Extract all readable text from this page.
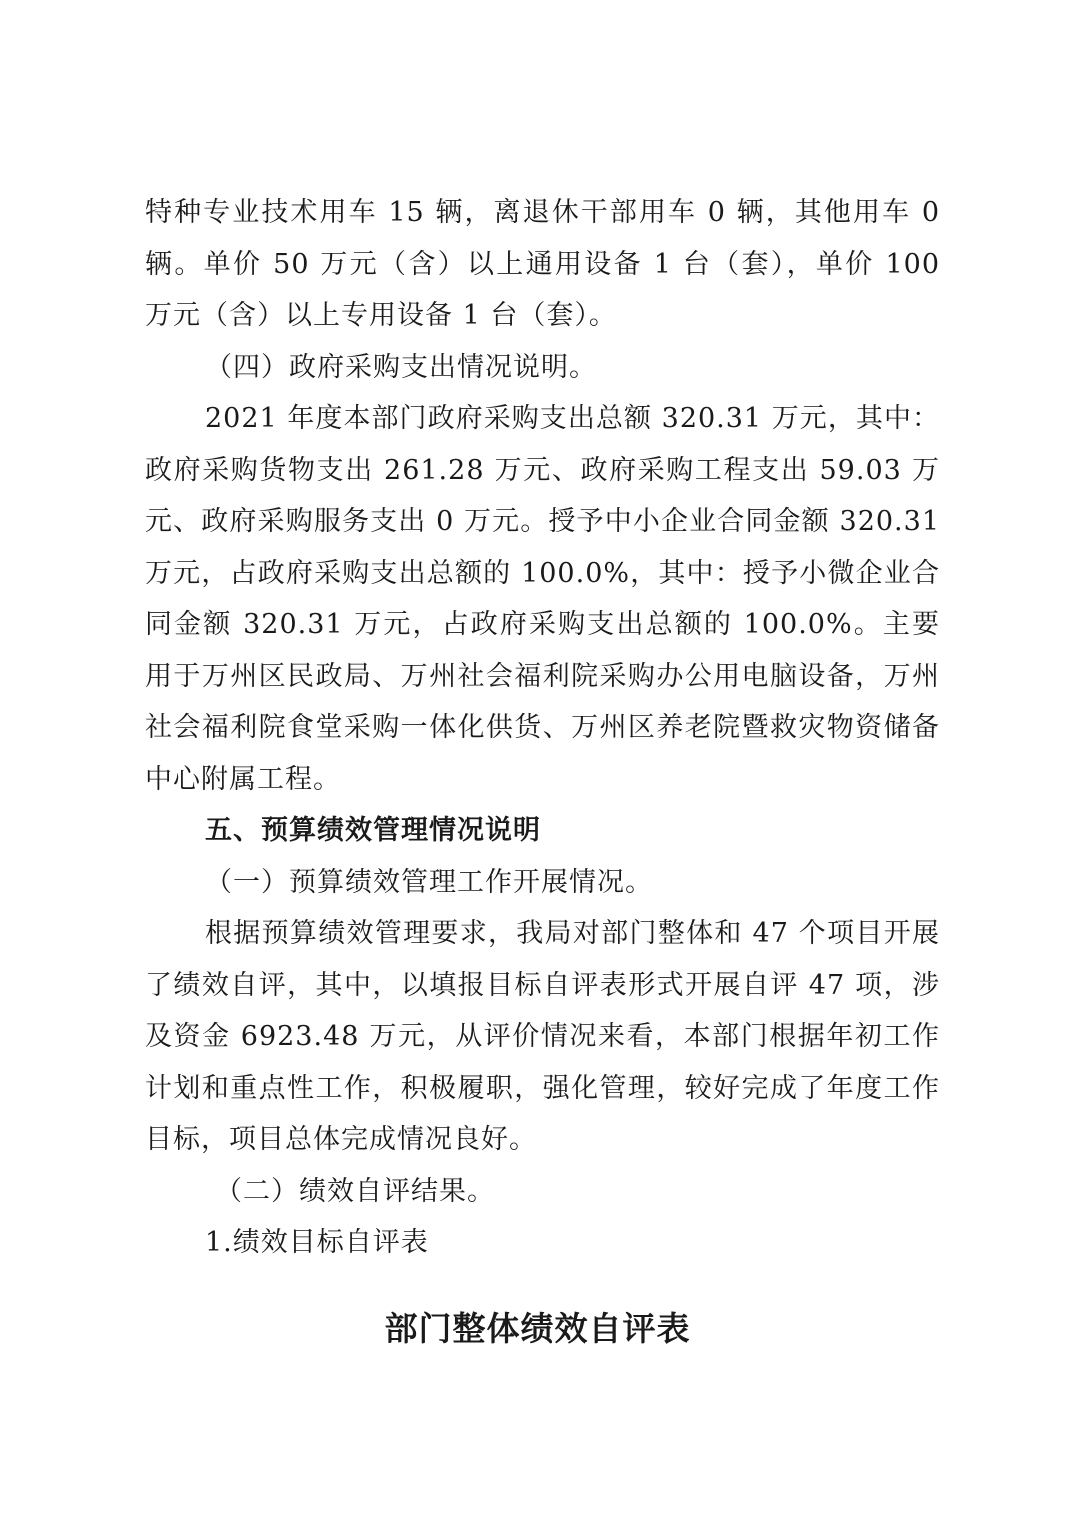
特种专业技术用车 15 辆，离退休干部用车 0 辆，其他用车 0 辆。单价 50 万元（含）以上通用设备 1 台（套），单价 100 万元（含）以上专用设备 1 台（套）。

（四）政府采购支出情况说明。

2021 年度本部门政府采购支出总额 320.31 万元，其中：政府采购货物支出 261.28 万元、政府采购工程支出 59.03 万元、政府采购服务支出 0 万元。授予中小企业合同金额 320.31 万元，占政府采购支出总额的 100.0%，其中：授予小微企业合同金额 320.31 万元，占政府采购支出总额的 100.0%。主要用于万州区民政局、万州社会福利院采购办公用电脑设备，万州社会福利院食堂采购一体化供货、万州区养老院暨救灾物资储备中心附属工程。

五、预算绩效管理情况说明

（一）预算绩效管理工作开展情况。

根据预算绩效管理要求，我局对部门整体和 47 个项目开展了绩效自评，其中，以填报目标自评表形式开展自评 47 项，涉及资金 6923.48 万元，从评价情况来看，本部门根据年初工作计划和重点性工作，积极履职，强化管理，较好完成了年度工作目标，项目总体完成情况良好。

（二）绩效自评结果。

1.绩效目标自评表

部门整体绩效自评表
